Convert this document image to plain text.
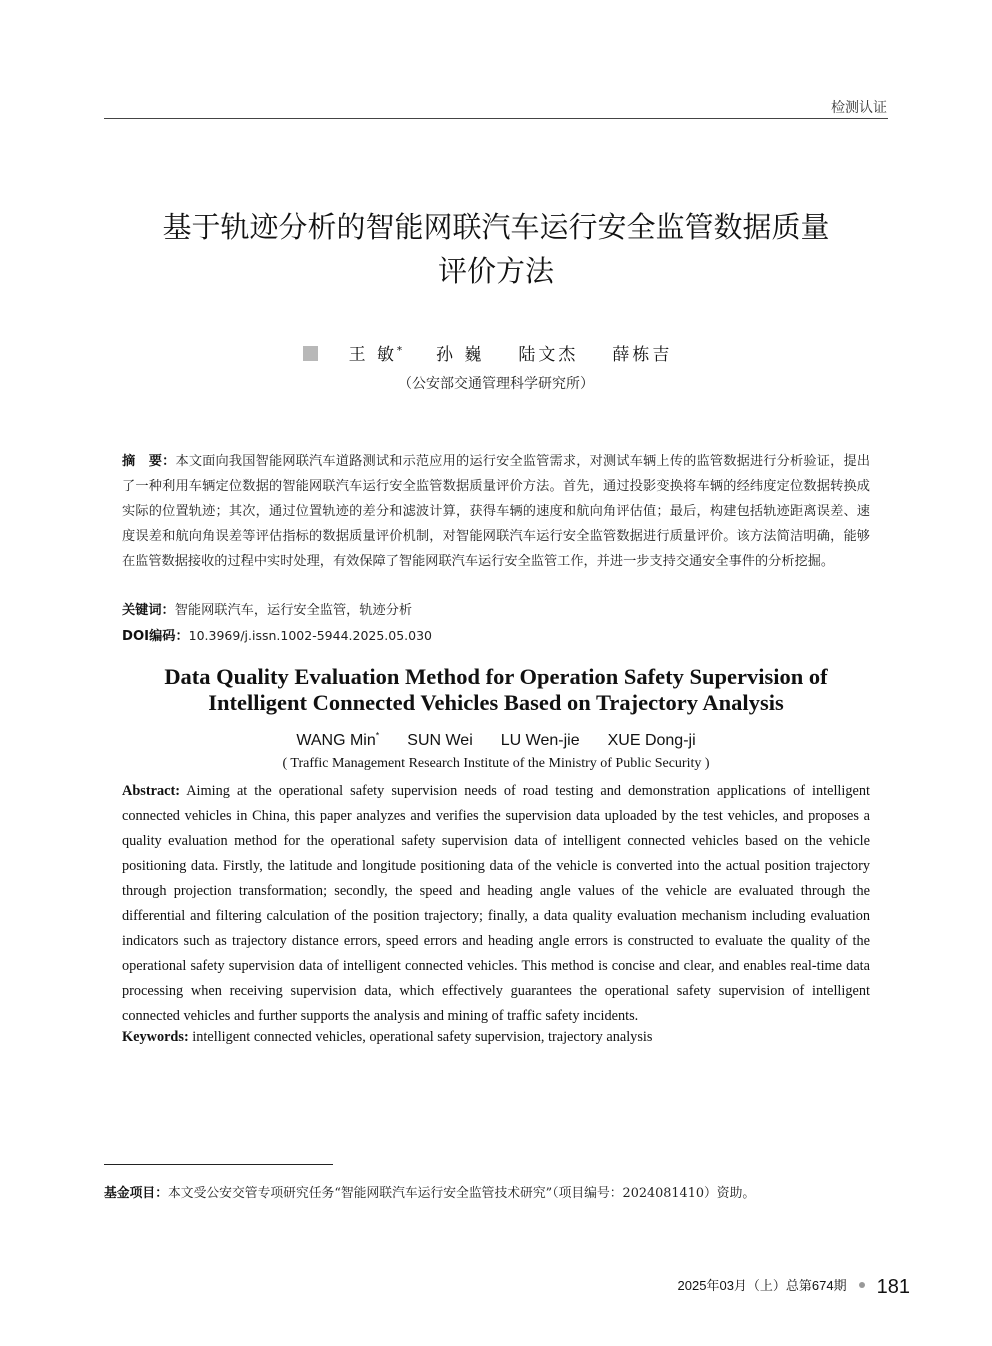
检测认证
基于轨迹分析的智能网联汽车运行安全监管数据质量
评价方法
王 敏* 孙 巍 陆文杰 薛栋吉
（公安部交通管理科学研究所）
摘　要：本文面向我国智能网联汽车道路测试和示范应用的运行安全监管需求，对测试车辆上传的监管数据进行分析验证，提出了一种利用车辆定位数据的智能网联汽车运行安全监管数据质量评价方法。首先，通过投影变换将车辆的经纬度定位数据转换成实际的位置轨迹；其次，通过位置轨迹的差分和滤波计算，获得车辆的速度和航向角评估值；最后，构建包括轨迹距离误差、速度误差和航向角误差等评估指标的数据质量评价机制，对智能网联汽车运行安全监管数据进行质量评价。该方法简洁明确，能够在监管数据接收的过程中实时处理，有效保障了智能网联汽车运行安全监管工作，并进一步支持交通安全事件的分析挖掘。
关键词：智能网联汽车，运行安全监管，轨迹分析
DOI编码：10.3969/j.issn.1002-5944.2025.05.030
Data Quality Evaluation Method for Operation Safety Supervision of
Intelligent Connected Vehicles Based on Trajectory Analysis
WANG Min* SUN Wei LU Wen-jie XUE Dong-ji
( Traffic Management Research Institute of the Ministry of Public Security )
Abstract: Aiming at the operational safety supervision needs of road testing and demonstration applications of intelligent connected vehicles in China, this paper analyzes and verifies the supervision data uploaded by the test vehicles, and proposes a quality evaluation method for the operational safety supervision data of intelligent connected vehicles based on the vehicle positioning data. Firstly, the latitude and longitude positioning data of the vehicle is converted into the actual position trajectory through projection transformation; secondly, the speed and heading angle values of the vehicle are evaluated through the differential and filtering calculation of the position trajectory; finally, a data quality evaluation mechanism including evaluation indicators such as trajectory distance errors, speed errors and heading angle errors is constructed to evaluate the quality of the operational safety supervision data of intelligent connected vehicles. This method is concise and clear, and enables real-time data processing when receiving supervision data, which effectively guarantees the operational safety supervision of intelligent connected vehicles and further supports the analysis and mining of traffic safety incidents.
Keywords: intelligent connected vehicles, operational safety supervision, trajectory analysis
基金项目：本文受公安交管专项研究任务“智能网联汽车运行安全监管技术研究”（项目编号：2024081410）资助。
2025年03月（上）总第674期 181
